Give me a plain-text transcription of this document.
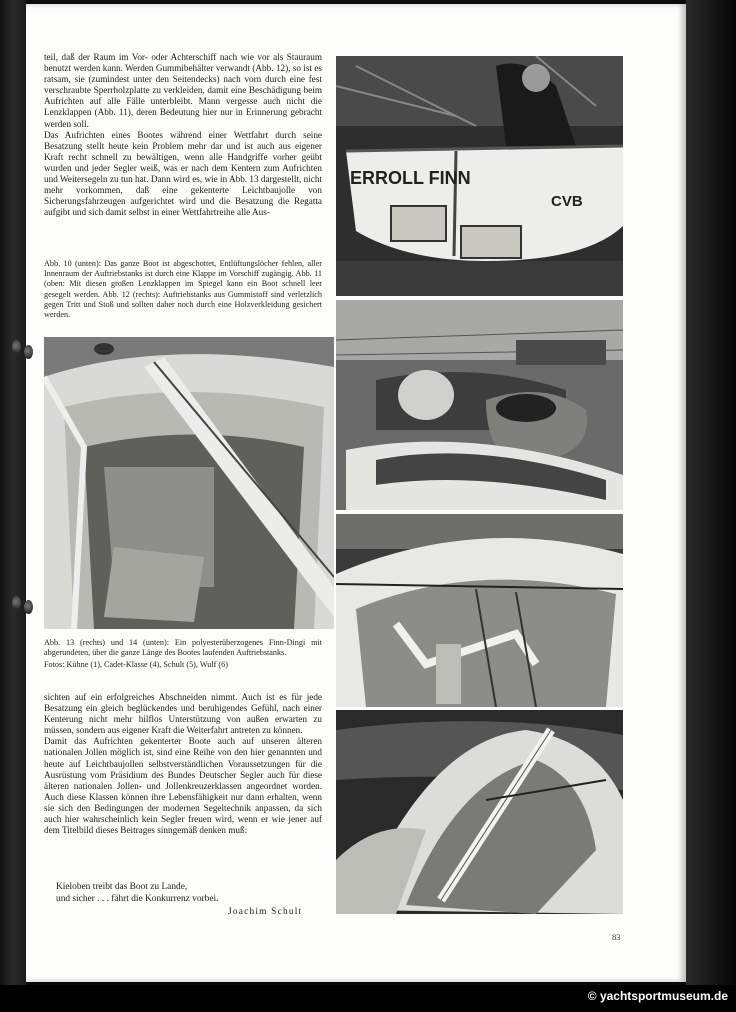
teil, daß der Raum im Vor- oder Achterschiff nach wie vor als Stauraum benutzt werden kann. Werden Gummibehälter verwandt (Abb. 12), so ist es ratsam, sie (zumindest unter den Seitendecks) nach vorn durch eine fest verschraubte Sperrholzplatte zu verkleiden, damit eine Beschädigung beim Aufrichten auf alle Fälle unterbleibt. Mann vergesse auch nicht die Lenzklappen (Abb. 11), deren Bedeutung hier nur in Erinnerung gebracht werden soll.

Das Aufrichten eines Bootes während einer Wettfahrt durch seine Besatzung stellt heute kein Problem mehr dar und ist auch aus eigener Kraft recht schnell zu bewältigen, wenn alle Handgriffe vorher geübt wurden und jeder Segler weiß, was er nach dem Kentern zum Aufrichten und Weitersegeln zu tun hat. Dann wird es, wie in Abb. 13 dargestellt, nicht mehr vorkommen, daß eine gekenterte Leichtbaujolle von Sicherungsfahrzeugen aufgerichtet wird und die Besatzung die Regatta aufgibt und sich damit selbst in einer Wettfahrtreihe alle Aus-

Abb. 10 (unten): Das ganze Boot ist abgeschottet, Entlüftungslöcher fehlen, aller Innenraum der Auftriebstanks ist durch eine Klappe im Vorschiff zugängig. Abb. 11 (oben: Mit diesen großen Lenzklappen im Spiegel kann ein Boot schnell leer gesegelt werden. Abb. 12 (rechts): Auftriebstanks aus Gummistoff sind verletzlich gegen Tritt und Stoß und sollten daher noch durch eine Holzverkleidung gesichert werden.

Abb. 13 (rechts) und 14 (unten): Ein polyesterüberzogenes Finn-Dingi mit abgerundeten, über die ganze Länge des Bootes laufenden Auftriebstanks.

Fotos: Kühne (1), Cadet-Klasse (4), Schult (5), Wulf (6)

sichten auf ein erfolgreiches Abschneiden nimmt. Auch ist es für jede Besatzung ein gleich beglückendes und beruhigendes Gefühl, nach einer Kenterung nicht mehr hilflos Unterstützung von außen erwarten zu müssen, sondern aus eigener Kraft die Weiterfahrt antreten zu können.

Damit das Aufrichten gekenterter Boote auch auf unseren älteren nationalen Jollen möglich ist, sind eine Reihe von den hier genannten und heute auf Leichtbaujollen selbstverständlichen Voraussetzungen für die Ausrüstung vom Präsidium des Bundes Deutscher Segler auch für diese älteren nationalen Jollen- und Jollenkreuzerklassen angeordnet worden. Auch diese Klassen können ihre Lebensfähigkeit nur dann erhalten, wenn sie sich den Bedingungen der modernen Segeltechnik anpassen, da sich auch hier wahrscheinlich kein Segler freuen wird, wenn er wie jener auf dem Titelbild dieses Beitrages sinngemäß denken muß:

Kieloben treibt das Boot zu Lande,
und sicher . . . fährt die Konkurrenz vorbei.
Joachim Schult
ERROLL FINN
CVB
83
© yachtsportmuseum.de
